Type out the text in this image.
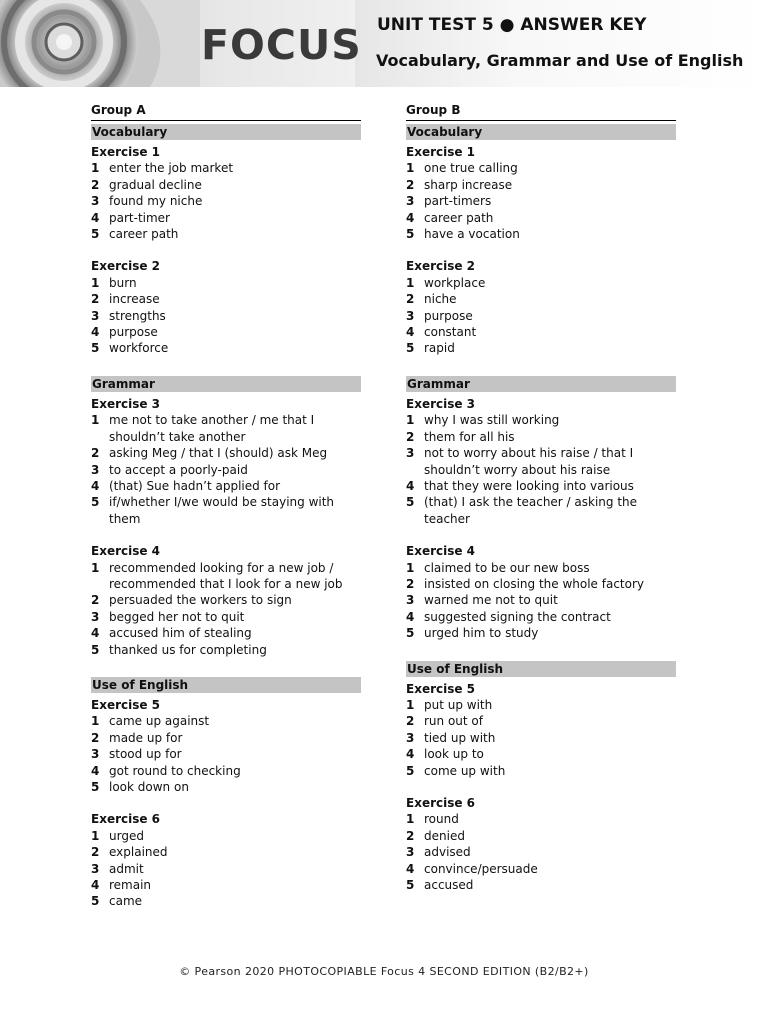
FOCUS UNIT TEST 5 ● ANSWER KEY
Vocabulary, Grammar and Use of English
Group A
Vocabulary
Exercise 1
1 enter the job market
2 gradual decline
3 found my niche
4 part-timer
5 career path
Exercise 2
1 burn
2 increase
3 strengths
4 purpose
5 workforce
Grammar
Exercise 3
1 me not to take another / me that I shouldn’t take another
2 asking Meg / that I (should) ask Meg
3 to accept a poorly-paid
4 (that) Sue hadn’t applied for
5 if/whether I/we would be staying with them
Exercise 4
1 recommended looking for a new job / recommended that I look for a new job
2 persuaded the workers to sign
3 begged her not to quit
4 accused him of stealing
5 thanked us for completing
Use of English
Exercise 5
1 came up against
2 made up for
3 stood up for
4 got round to checking
5 look down on
Exercise 6
1 urged
2 explained
3 admit
4 remain
5 came
Group B
Vocabulary
Exercise 1
1 one true calling
2 sharp increase
3 part-timers
4 career path
5 have a vocation
Exercise 2
1 workplace
2 niche
3 purpose
4 constant
5 rapid
Grammar
Exercise 3
1 why I was still working
2 them for all his
3 not to worry about his raise / that I shouldn’t worry about his raise
4 that they were looking into various
5 (that) I ask the teacher / asking the teacher
Exercise 4
1 claimed to be our new boss
2 insisted on closing the whole factory
3 warned me not to quit
4 suggested signing the contract
5 urged him to study
Use of English
Exercise 5
1 put up with
2 run out of
3 tied up with
4 look up to
5 come up with
Exercise 6
1 round
2 denied
3 advised
4 convince/persuade
5 accused
© Pearson 2020 PHOTOCOPIABLE Focus 4 SECOND EDITION (B2/B2+)
